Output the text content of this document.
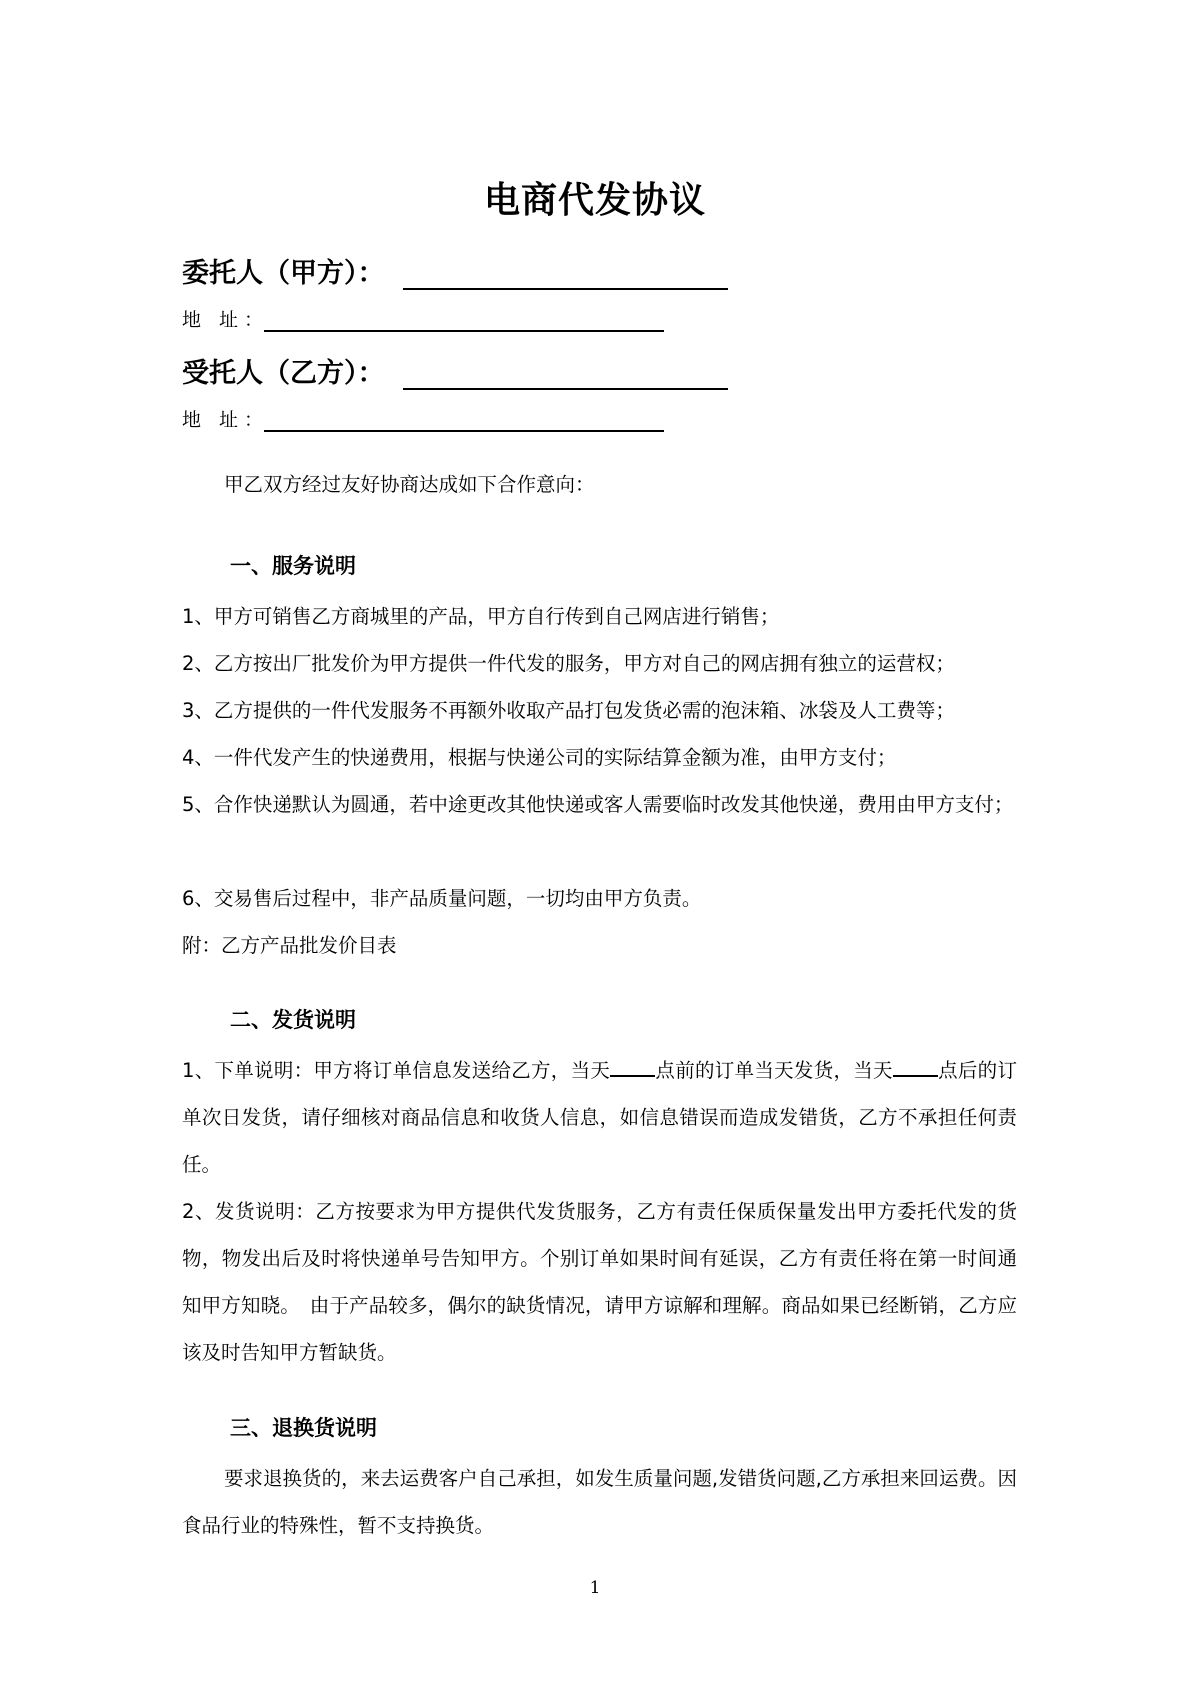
电商代发协议
委托人（甲方）：
地 址：
受托人（乙方）：
地 址：
甲乙双方经过友好协商达成如下合作意向：
一、服务说明
1、甲方可销售乙方商城里的产品，甲方自行传到自己网店进行销售；
2、乙方按出厂批发价为甲方提供一件代发的服务，甲方对自己的网店拥有独立的运营权；
3、乙方提供的一件代发服务不再额外收取产品打包发货必需的泡沫箱、冰袋及人工费等；
4、一件代发产生的快递费用，根据与快递公司的实际结算金额为准，由甲方支付；
5、合作快递默认为圆通，若中途更改其他快递或客人需要临时改发其他快递，费用由甲方支付；
6、交易售后过程中，非产品质量问题，一切均由甲方负责。
附：乙方产品批发价目表
二、发货说明
1、下单说明：甲方将订单信息发送给乙方，当天 点前的订单当天发货，当天 点后的订单次日发货，请仔细核对商品信息和收货人信息，如信息错误而造成发错货，乙方不承担任何责任。
2、发货说明：乙方按要求为甲方提供代发货服务，乙方有责任保质保量发出甲方委托代发的货物，物发出后及时将快递单号告知甲方。个别订单如果时间有延误，乙方有责任将在第一时间通知甲方知晓。　由于产品较多，偶尔的缺货情况，请甲方谅解和理解。商品如果已经断销，乙方应该及时告知甲方暂缺货。
三、退换货说明
要求退换货的，来去运费客户自己承担，如发生质量问题,发错货问题,乙方承担来回运费。因食品行业的特殊性，暂不支持换货。
1
